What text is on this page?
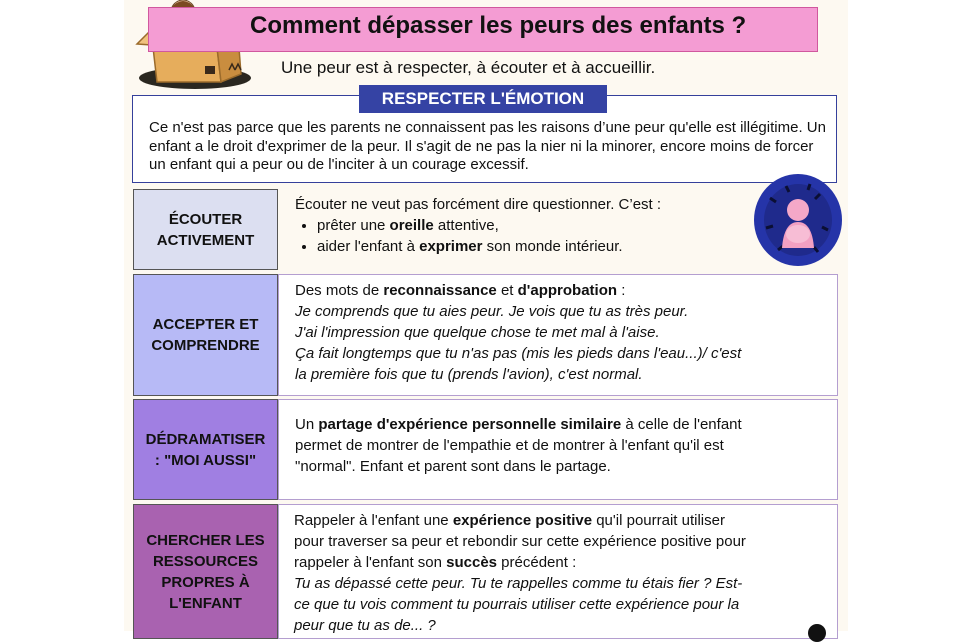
Comment dépasser les peurs des enfants ?
Une peur est à respecter, à écouter et à accueillir.
RESPECTER L'ÉMOTION
Ce n'est pas parce que les parents ne connaissent pas les raisons d’une peur qu'elle est illégitime. Un enfant a le droit d'exprimer de la peur. Il s'agit de ne pas la nier ni la minorer, encore moins de forcer un enfant qui a peur ou de l'inciter à un courage excessif.
ÉCOUTER
ACTIVEMENT
Écouter ne veut pas forcément dire questionner. C’est :
• prêter une oreille attentive,
• aider l'enfant à exprimer son monde intérieur.
ACCEPTER ET
COMPRENDRE
Des mots de reconnaissance et d'approbation :
Je comprends que tu aies peur. Je vois que tu as très peur.
J'ai l'impression que quelque chose te met mal à l'aise.
Ça fait longtemps que tu n'as pas (mis les pieds dans l'eau...)/ c'est
la première fois que tu (prends l'avion), c'est normal.
DÉDRAMATISER
: "MOI AUSSI"
Un partage d'expérience personnelle similaire à celle de l'enfant
permet de montrer de l'empathie et de montrer à l'enfant qu'il est
"normal". Enfant et parent sont dans le partage.
CHERCHER LES
RESSOURCES
PROPRES À
L'ENFANT
Rappeler à l'enfant une expérience positive qu'il pourrait utiliser
pour traverser sa peur et rebondir sur cette expérience positive pour
rappeler à l'enfant son succès précédent :
Tu as dépassé cette peur. Tu te rappelles comme tu étais fier ? Est-
ce que tu vois comment tu pourrais utiliser cette expérience pour la
peur que tu as de... ?
